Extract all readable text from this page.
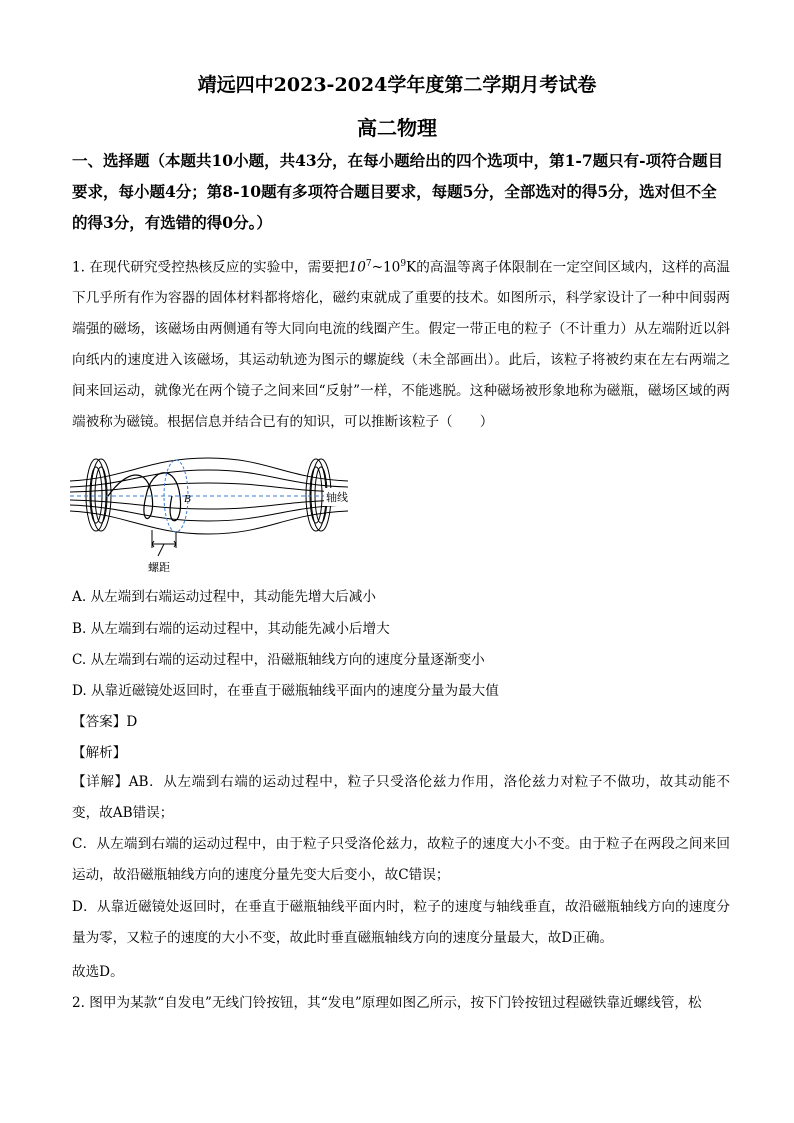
靖远四中2023-2024学年度第二学期月考试卷
高二物理
一、选择题（本题共10小题，共43分，在每小题给出的四个选项中，第1-7题只有-项符合题目要求，每小题4分；第8-10题有多项符合题目要求，每题5分，全部选对的得5分，选对但不全的得3分，有选错的得0分。）
1. 在现代研究受控热核反应的实验中，需要把$10^7\sim 10^9K$的高温等离子体限制在一定空间区域内，这样的高温下几乎所有作为容器的固体材料都将熔化，磁约束就成了重要的技术。如图所示，科学家设计了一种中间弱两端强的磁场，该磁场由两侧通有等大同向电流的线圈产生。假定一带正电的粒子（不计重力）从左端附近以斜向纸内的速度进入该磁场，其运动轨迹为图示的螺旋线（未全部画出）。此后，该粒子将被约束在左右两端之间来回运动，就像光在两个镜子之间来回“反射”一样，不能逃脱。这种磁场被形象地称为磁瓶，磁场区域的两端被称为磁镜。根据信息并结合已有的知识，可以推断该粒子（　　）
B	轴线
螺距
A. 从左端到右端运动过程中，其动能先增大后减小
B. 从左端到右端的运动过程中，其动能先减小后增大
C. 从左端到右端的运动过程中，沿磁瓶轴线方向的速度分量逐渐变小
D. 从靠近磁镜处返回时，在垂直于磁瓶轴线平面内的速度分量为最大值
【答案】D
【解析】
【详解】AB．从左端到右端的运动过程中，粒子只受洛伦兹力作用，洛伦兹力对粒子不做功，故其动能不变，故AB错误；
C．从左端到右端的运动过程中，由于粒子只受洛伦兹力，故粒子的速度大小不变。由于粒子在两段之间来回运动，故沿磁瓶轴线方向的速度分量先变大后变小，故C错误；
D．从靠近磁镜处返回时，在垂直于磁瓶轴线平面内时，粒子的速度与轴线垂直，故沿磁瓶轴线方向的速度分量为零，又粒子的速度的大小不变，故此时垂直磁瓶轴线方向的速度分量最大，故D正确。
故选D。
2. 图甲为某款“自发电”无线门铃按钮，其“发电”原理如图乙所示，按下门铃按钮过程磁铁靠近螺线管，松
